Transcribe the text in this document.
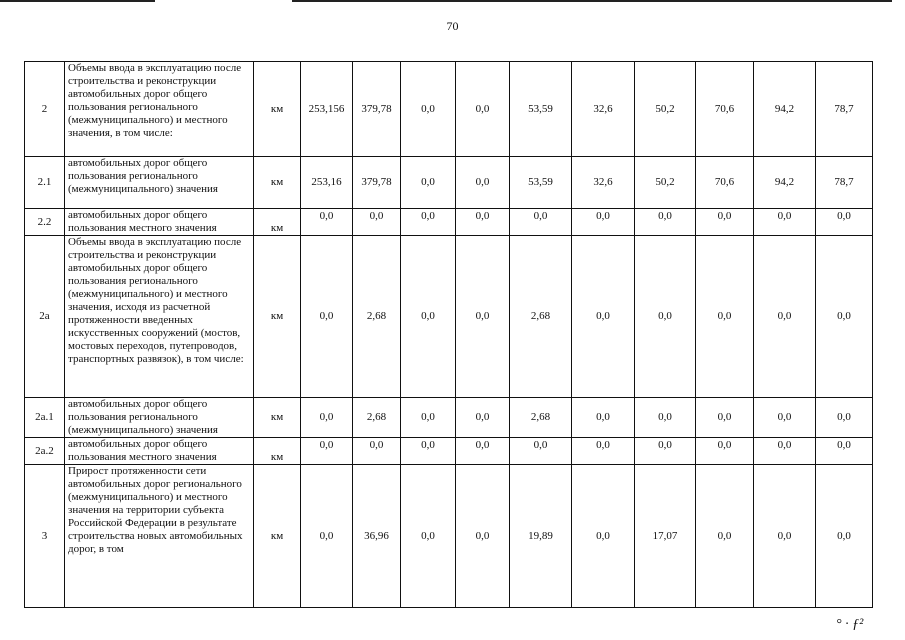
70
2	Объемы ввода в эксплуатацию после строительства и реконструкции автомобильных дорог общего пользования регионального (межмуниципального) и местного значения, в том числе:	км	253,156	379,78	0,0	0,0	53,59	32,6	50,2	70,6	94,2	78,7
2.1	автомобильных дорог общего пользования регионального (межмуниципального) значения	км	253,16	379,78	0,0	0,0	53,59	32,6	50,2	70,6	94,2	78,7
2.2	автомобильных дорог общего пользования местного значения	км	0,0	0,0	0,0	0,0	0,0	0,0	0,0	0,0	0,0	0,0
2а	Объемы ввода в эксплуатацию после строительства и реконструкции автомобильных дорог общего пользования регионального (межмуниципального) и местного значения, исходя из расчетной протяженности введенных искусственных сооружений (мостов, мостовых переходов, путепроводов, транспортных развязок), в том числе:	км	0,0	2,68	0,0	0,0	2,68	0,0	0,0	0,0	0,0	0,0
2а.1	автомобильных дорог общего пользования регионального (межмуниципального) значения	км	0,0	2,68	0,0	0,0	2,68	0,0	0,0	0,0	0,0	0,0
2а.2	автомобильных дорог общего пользования местного значения	км	0,0	0,0	0,0	0,0	0,0	0,0	0,0	0,0	0,0	0,0
3	Прирост протяженности сети автомобильных дорог регионального (межмуниципального) и местного значения на территории субъекта Российской Федерации в результате строительства новых автомобильных дорог, в том	км	0,0	36,96	0,0	0,0	19,89	0,0	17,07	0,0	0,0	0,0
° · ƒ²
